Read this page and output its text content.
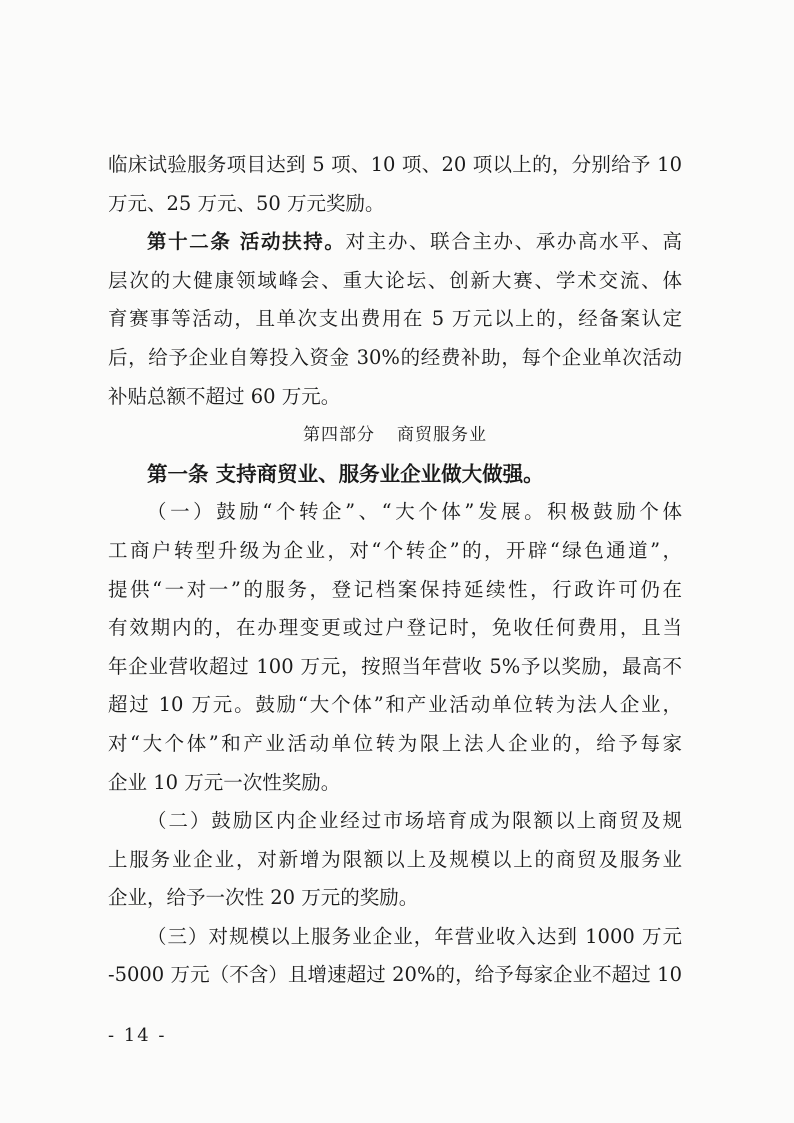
临床试验服务项目达到 5 项、10 项、20 项以上的，分别给予 10
万元、25 万元、50 万元奖励。
第十二条 活动扶持。对主办、联合主办、承办高水平、高
层次的大健康领域峰会、重大论坛、创新大赛、学术交流、体
育赛事等活动，且单次支出费用在 5 万元以上的，经备案认定
后，给予企业自筹投入资金 30%的经费补助，每个企业单次活动
补贴总额不超过 60 万元。
第四部分 商贸服务业
第一条 支持商贸业、服务业企业做大做强。
（一）鼓励“个转企”、“大个体”发展。积极鼓励个体
工商户转型升级为企业，对“个转企”的，开辟“绿色通道”，
提供“一对一”的服务，登记档案保持延续性，行政许可仍在
有效期内的，在办理变更或过户登记时，免收任何费用，且当
年企业营收超过 100 万元，按照当年营收 5%予以奖励，最高不
超过 10 万元。鼓励“大个体”和产业活动单位转为法人企业，
对“大个体”和产业活动单位转为限上法人企业的，给予每家
企业 10 万元一次性奖励。
（二）鼓励区内企业经过市场培育成为限额以上商贸及规
上服务业企业，对新增为限额以上及规模以上的商贸及服务业
企业，给予一次性 20 万元的奖励。
（三）对规模以上服务业企业，年营业收入达到 1000 万元
-5000 万元（不含）且增速超过 20%的，给予每家企业不超过 10
- 14 -
